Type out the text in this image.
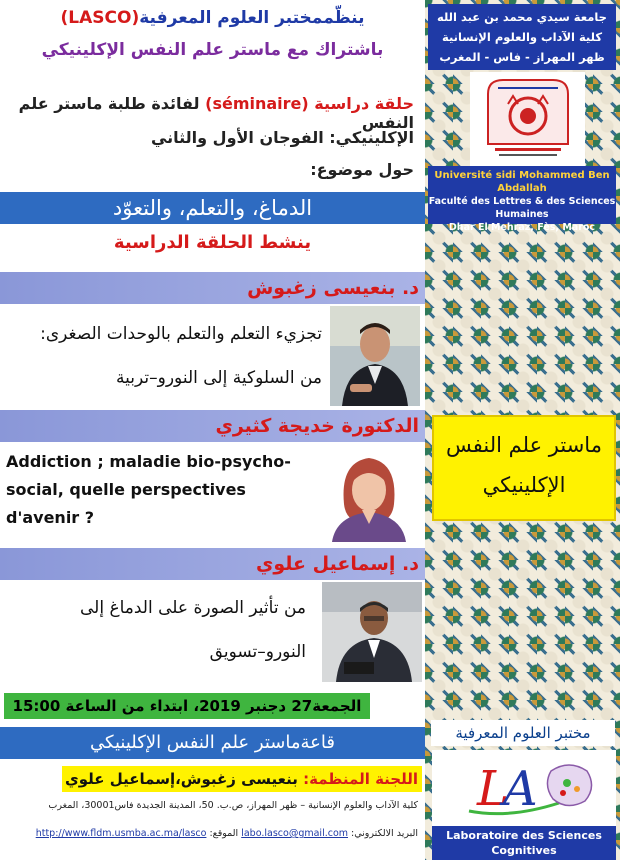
ينظّممختبر العلوم المعرفية(LASCO)
باشتراك مع ماستر علم النفس الإكلينيكي
حلقة دراسية (séminaire) لفائدة طلبة ماستر علم النفس
الإكلينيكي: الفوجان الأول والثاني
حول موضوع:
الدماغ، والتعلم، والتعوّد
ينشط الحلقة الدراسية
د. بنعيسى زغبوش
تجزيء التعلم والتعلم بالوحدات الصغرى:
من السلوكية إلى النورو–تربية
الدكتورة خديجة كثيري
Addiction ; maladie bio-psycho-
social, quelle perspectives
d'avenir ?
د. إسماعيل علوي
من تأثير الصورة على الدماغ إلى
النورو–تسويق
الجمعة27 دجنبر 2019، ابتداء من الساعة 15:00
قاعةماستر علم النفس الإكلينيكي
اللجنة المنظمة: بنعيسى زغبوش،إسماعيل علوي
كلية الآداب والعلوم الإنسانية – ظهر المهراز، ص.ب. 50، المدينة الجديدة فاس30001، المغرب
البريد الالكتروني: labo.lasco@gmail.com الموقع: http://www.fldm.usmba.ac.ma/lasco
جامعة سيدي محمد بن عبد الله
كلية الآداب والعلوم الإنسانية
ظهر المهراز - فاس - المغرب
Université sidi Mohammed Ben Abdallah
Faculté des Lettres & des Sciences Humaines
Dhar El Mehraz, Fès, Maroc
ماستر علم النفس
الإكلينيكي
مختبر العلوم المعرفية
L
A
Laboratoire des Sciences
Cognitives
